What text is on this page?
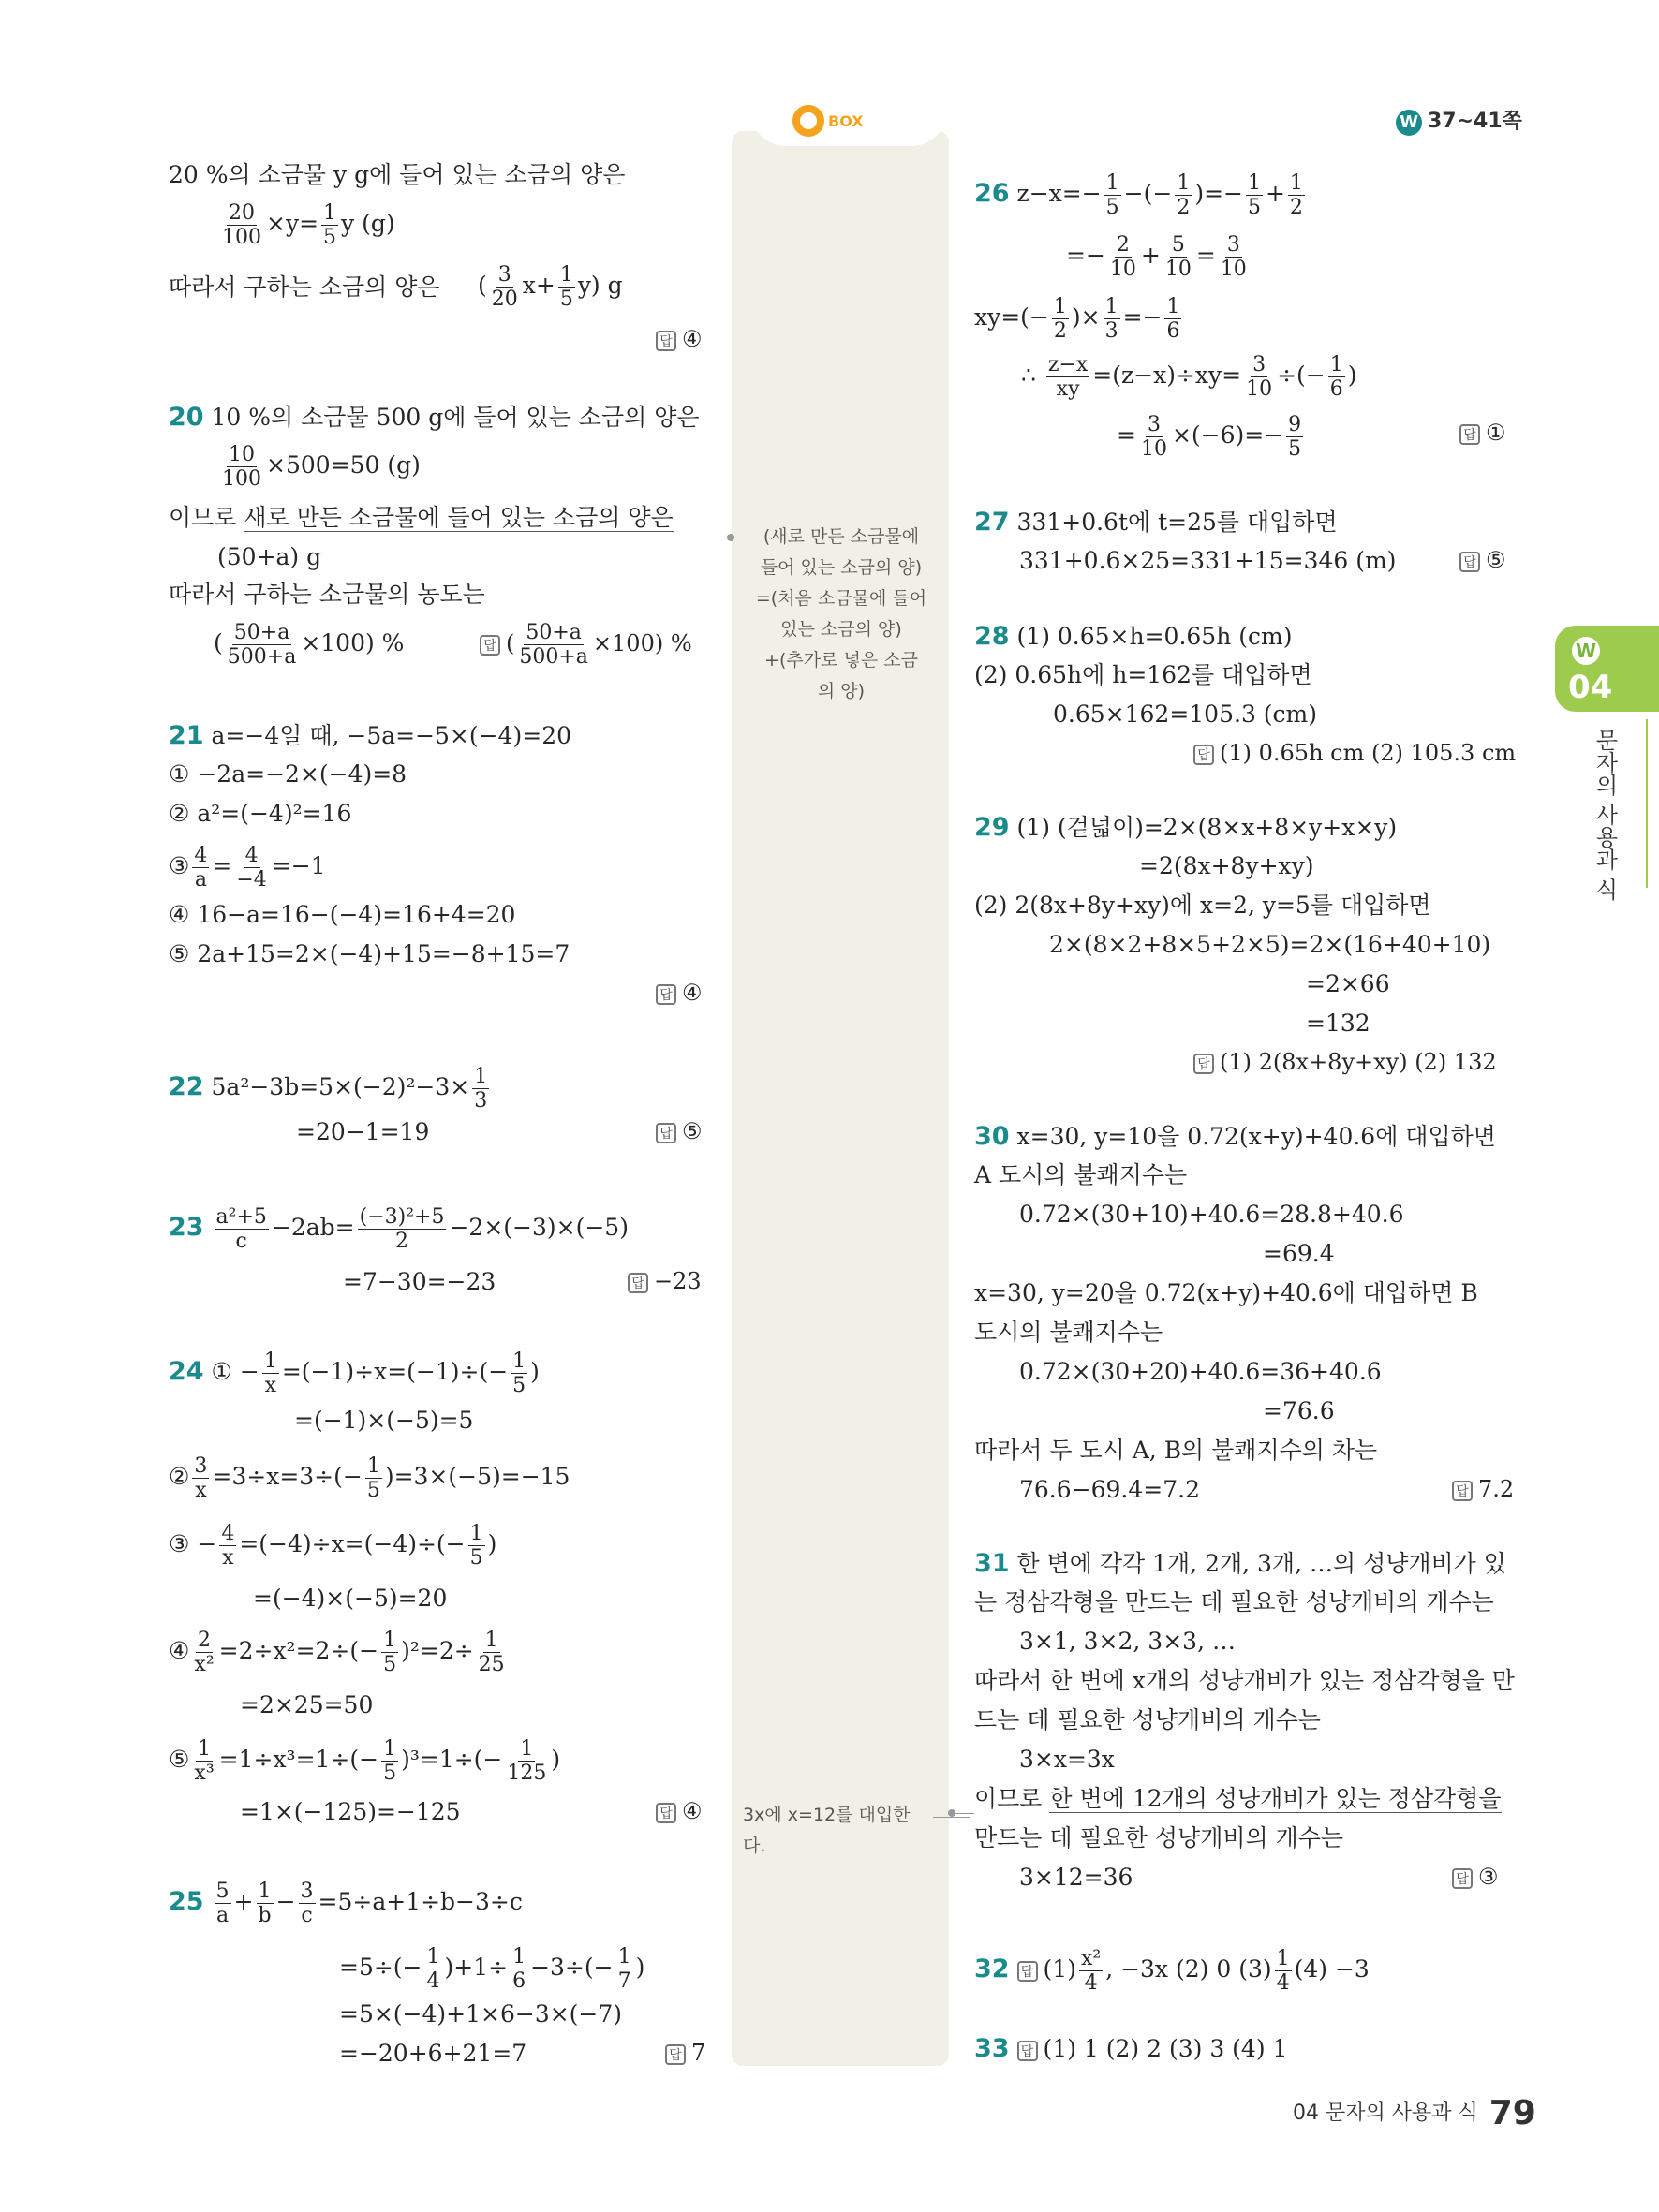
BOX	W 37~41쪽
W
04
문자의 사용과 식
04 문자의 사용과 식 79
20 %의 소금물 y g에 들어 있는 소금의 양은
$\frac{20}{100} \times y= \frac{1}{5}$ y (g)
따라서 구하는 소금의 양은 ( $\frac{3}{20} x+ \frac{1}{5} y$) g
답 ④
20 10 %의 소금물 500 g에 들어 있는 소금의 양은
$\frac{10}{100} \times 500=50$ (g)
이므로 새로 만든 소금물에 들어 있는 소금의 양은
(50+a) g
따라서 구하는 소금물의 농도는
( $\frac{50+a}{500+a} \times 100$) %	답 ( $\frac{50+a}{500+a} \times 100$) %
21 a=−4일 때, −5a=−5×(−4)=20
① −2a=−2×(−4)=8
② a²=(−4)²=16
③ $\frac{4}{a} = \frac{4}{-4} =-1$
④ 16−a=16−(−4)=16+4=20
⑤ 2a+15=2×(−4)+15=−8+15=7
답 ④
22 $5a^2-3b=5\times(-2)^2-3\times \frac{1}{3}$
=20−1=19	답 ⑤
$23 \frac{\text{a²+5}}{c} -2ab= \frac{\text{(−3)²+5}}{2} -2\times(-3)\times(-5)$
=7−30=−23	답 −23
24 ① − $\frac{1}{x} =(-1)\div x=(-1)\div(- \frac{1}{5}$ )
=(−1)×(−5)=5
② $\frac{3}{x} =3\div x=3\div(- \frac{1}{5} )=3\times(-5)=-15$
③ − $\frac{4}{x} =(-4)\div x=(-4)\div(- \frac{1}{5}$ )
=(−4)×(−5)=20
④ $\frac{2}{\text{x²}} =2\div x^2=2\div(- \frac{1}{5} )^2=2\div \frac{1}{25}$
=2×25=50
⑤ $\frac{1}{\text{x³}} =1\div x^3=1\div(- \frac{1}{5} )^3=1\div(- \frac{1}{125}$ )
=1×(−125)=−125	답 ④
$25 \frac{5}{a} + \frac{1}{b} - \frac{3}{c} =5\div a+1\div b-3\div c$
$=5\div(- \frac{1}{4} )+1\div \frac{1}{6} -3\div(- \frac{1}{7}$ )
=5×(−4)+1×6−3×(−7)
=−20+6+21=7	답 7
(새로 만든 소금물에
들어 있는 소금의 양)
=(처음 소금물에 들어
있는 소금의 양)
+(추가로 넣은 소금
의 양)
3x에 x=12를 대입한
다.
26 $z-x=- \frac{1}{5}$ −(− $\frac{1}{2}$ )=− $\frac{1}{5} + \frac{1}{2}$
=− $\frac{2}{10} + \frac{5}{10} = \frac{3}{10}$
$xy=(- \frac{1}{2}$ )× $\frac{1}{3} =- \frac{1}{6}$
∴ $\frac{z-x}{xy} =(z-x)\div xy= \frac{3}{10}$ ÷(− $\frac{1}{6}$ )
= $\frac{3}{10} \times(-6)=- \frac{9}{5}$	답 ①
27 331+0.6t에 t=25를 대입하면
331+0.6×25=331+15=346 (m)	답 ⑤
28 (1) 0.65×h=0.65h (cm)
(2) 0.65h에 h=162를 대입하면
0.65×162=105.3 (cm)
답 (1) 0.65h cm (2) 105.3 cm
29 (1) (겉넓이)=2×(8×x+8×y+x×y)
=2(8x+8y+xy)
(2) 2(8x+8y+xy)에 x=2, y=5를 대입하면
2×(8×2+8×5+2×5)=2×(16+40+10)
=2×66
=132
답 (1) 2(8x+8y+xy) (2) 132
30 x=30, y=10을 0.72(x+y)+40.6에 대입하면
A 도시의 불쾌지수는
0.72×(30+10)+40.6=28.8+40.6
=69.4
x=30, y=20을 0.72(x+y)+40.6에 대입하면 B
도시의 불쾌지수는
0.72×(30+20)+40.6=36+40.6
=76.6
따라서 두 도시 A, B의 불쾌지수의 차는
76.6−69.4=7.2	답 7.2
31 한 변에 각각 1개, 2개, 3개, …의 성냥개비가 있
는 정삼각형을 만드는 데 필요한 성냥개비의 개수는
3×1, 3×2, 3×3, …
따라서 한 변에 x개의 성냥개비가 있는 정삼각형을 만
드는 데 필요한 성냥개비의 개수는
3×x=3x
이므로 한 변에 12개의 성냥개비가 있는 정삼각형을
만드는 데 필요한 성냥개비의 개수는
3×12=36	답 ③
32 답 $(1) \frac{\text{x²}}{4}$ , −3x (2) 0 $(3) \frac{1}{4} (4) -3$
33 답 (1) 1 (2) 2 (3) 3 (4) 1
